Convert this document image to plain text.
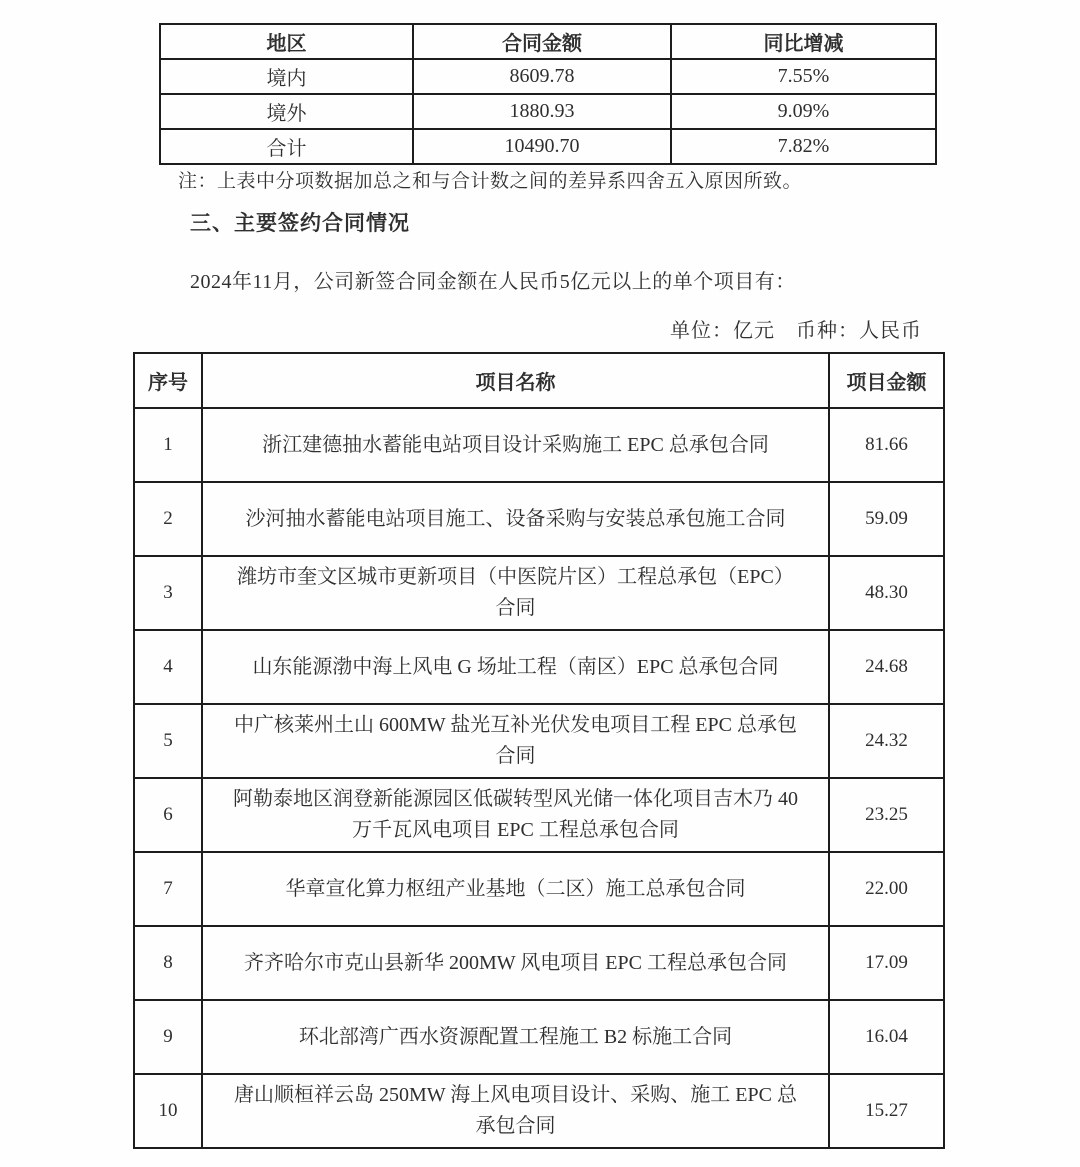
地区	合同金额	同比增减
境内	8609.78	7.55%
境外	1880.93	9.09%
合计	10490.70	7.82%
注：上表中分项数据加总之和与合计数之间的差异系四舍五入原因所致。
三、主要签约合同情况
2024年11月，公司新签合同金额在人民币5亿元以上的单个项目有：
单位：亿元　币种：人民币
序号	项目名称	项目金额
1	浙江建德抽水蓄能电站项目设计采购施工 EPC 总承包合同	81.66
2	沙河抽水蓄能电站项目施工、设备采购与安装总承包施工合同	59.09
3	潍坊市奎文区城市更新项目（中医院片区）工程总承包（EPC）合同	48.30
4	山东能源渤中海上风电 G 场址工程（南区）EPC 总承包合同	24.68
5	中广核莱州土山 600MW 盐光互补光伏发电项目工程 EPC 总承包合同	24.32
6	阿勒泰地区润登新能源园区低碳转型风光储一体化项目吉木乃 40 万千瓦风电项目 EPC 工程总承包合同	23.25
7	华章宣化算力枢纽产业基地（二区）施工总承包合同	22.00
8	齐齐哈尔市克山县新华 200MW 风电项目 EPC 工程总承包合同	17.09
9	环北部湾广西水资源配置工程施工 B2 标施工合同	16.04
10	唐山顺桓祥云岛 250MW 海上风电项目设计、采购、施工 EPC 总承包合同	15.27
